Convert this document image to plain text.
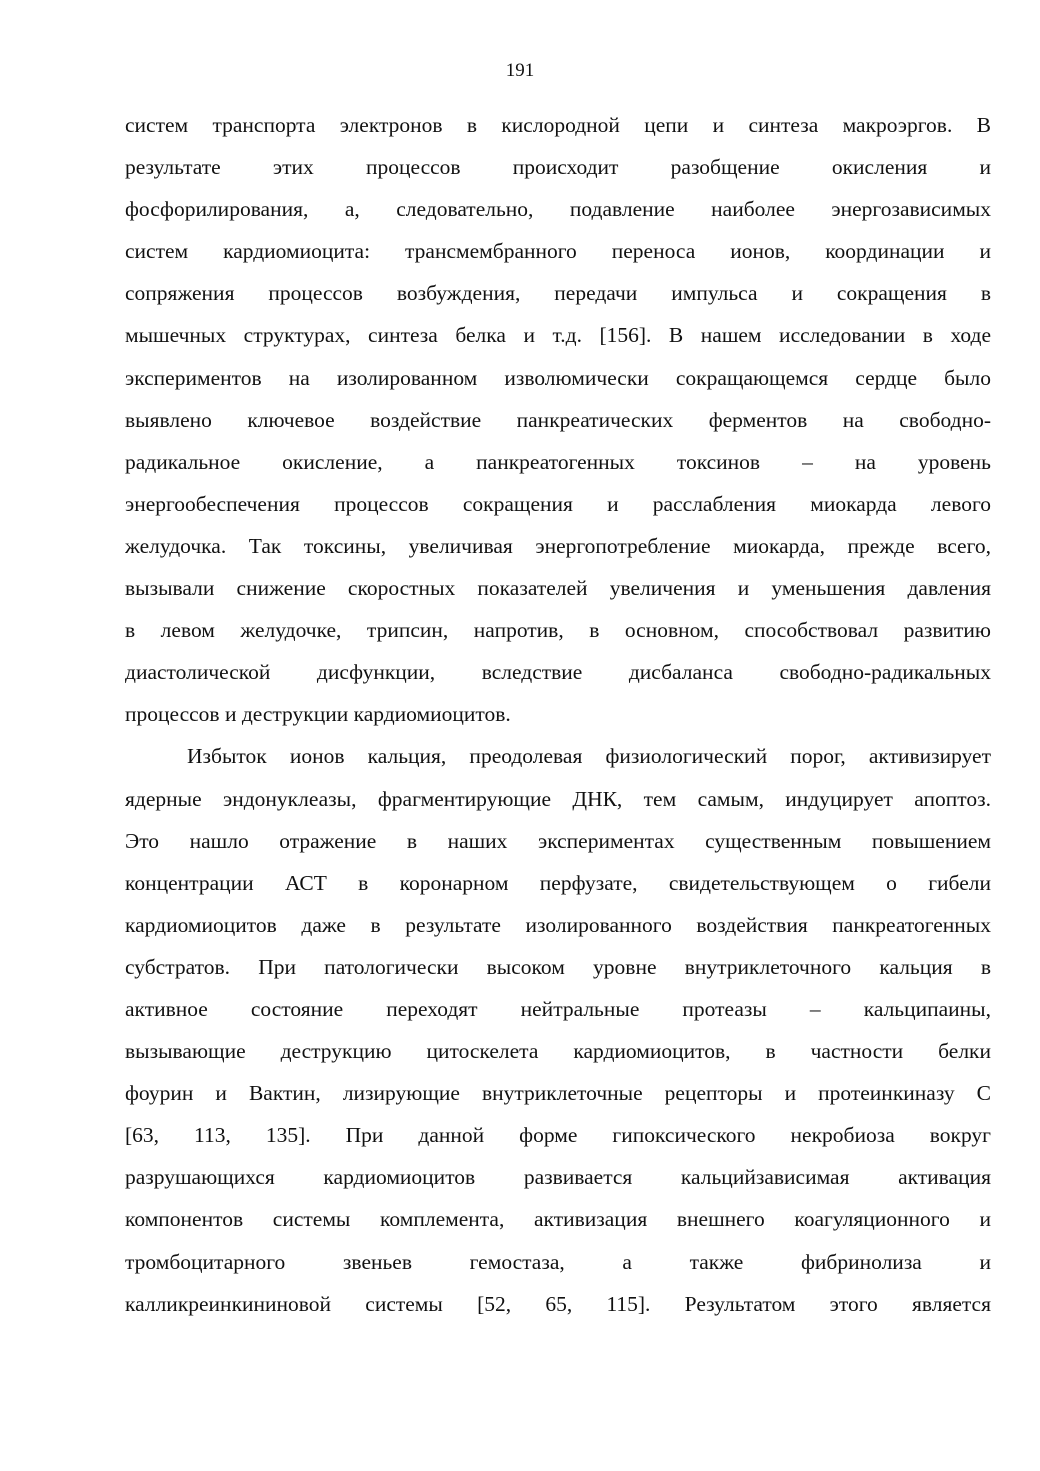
191
систем транспорта электронов в кислородной цепи и синтеза макроэргов. В
результате этих процессов происходит разобщение окисления и
фосфорилирования, а, следовательно, подавление наиболее энергозависимых
систем кардиомиоцита: трансмембранного переноса ионов, координации и
сопряжения процессов возбуждения, передачи импульса и сокращения в
мышечных структурах, синтеза белка и т.д. [156]. В нашем исследовании в ходе
экспериментов на изолированном изволюмически сокращающемся сердце было
выявлено ключевое воздействие панкреатических ферментов на свободно-
радикальное окисление, а панкреатогенных токсинов – на уровень
энергообеспечения процессов сокращения и расслабления миокарда левого
желудочка. Так токсины, увеличивая энергопотребление миокарда, прежде всего,
вызывали снижение скоростных показателей увеличения и уменьшения давления
в левом желудочке, трипсин, напротив, в основном, способствовал развитию
диастолической дисфункции, вследствие дисбаланса свободно-радикальных
процессов и деструкции кардиомиоцитов.
Избыток ионов кальция, преодолевая физиологический порог, активизирует
ядерные эндонуклеазы, фрагментирующие ДНК, тем самым, индуцирует апоптоз.
Это нашло отражение в наших экспериментах существенным повышением
концентрации АСТ в коронарном перфузате, свидетельствующем о гибели
кардиомиоцитов даже в результате изолированного воздействия панкреатогенных
субстратов. При патологически высоком уровне внутриклеточного кальция в
активное состояние переходят нейтральные протеазы – кальципаины,
вызывающие деструкцию цитоскелета кардиомиоцитов, в частности белки
фоурин и Вактин, лизирующие внутриклеточные рецепторы и протеинкиназу С
[63, 113, 135]. При данной форме гипоксического некробиоза вокруг
разрушающихся кардиомиоцитов развивается кальцийзависимая активация
компонентов системы комплемента, активизация внешнего коагуляционного и
тромбоцитарного звеньев гемостаза, а также фибринолиза и
калликреинкининовой системы [52, 65, 115]. Результатом этого является
